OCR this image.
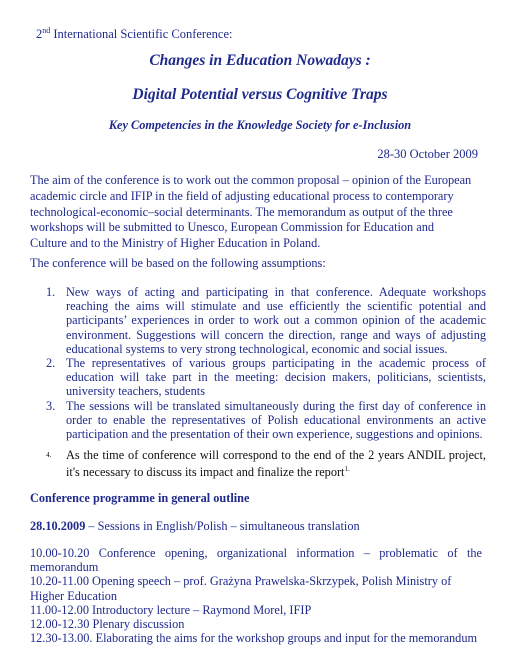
2nd International Scientific Conference:
Changes in Education Nowadays :
Digital Potential versus Cognitive Traps
Key Competencies in the Knowledge Society for e-Inclusion
28-30 October 2009
The aim of the conference is to work out the common proposal – opinion of the European
academic circle and IFIP in the field of adjusting educational process to contemporary
technological-economic–social determinants. The memorandum as output of the three
workshops will be submitted to Unesco, European Commission for Education and
Culture and to the Ministry of Higher Education in Poland.
The conference will be based on the following assumptions:
1. New ways of acting and participating in that conference. Adequate workshops reaching the aims will stimulate and use efficiently the scientific potential and participants’ experiences in order to work out a common opinion of the academic environment. Suggestions will concern the direction, range and ways of adjusting educational systems to very strong technological, economic and social issues.
2. The representatives of various groups participating in the academic process of education will take part in the meeting: decision makers, politicians, scientists, university teachers, students
3. The sessions will be translated simultaneously during the first day of conference in order to enable the representatives of Polish educational environments an active participation and the presentation of their own experience, suggestions and opinions.
4.	As the time of conference will correspond to the end of the 2 years ANDIL project, it's necessary to discuss its impact and finalize the report$^{1.}$
Conference programme in general outline
28.10.2009 – Sessions in English/Polish – simultaneous translation
10.00-10.20 Conference opening, organizational information – problematic of the memorandum
10.20-11.00 Opening speech – prof. Grażyna Prawelska-Skrzypek, Polish Ministry of Higher Education
11.00-12.00 Introductory lecture – Raymond Morel, IFIP
12.00-12.30 Plenary discussion
12.30-13.00. Elaborating the aims for the workshop groups and input for the memorandum
